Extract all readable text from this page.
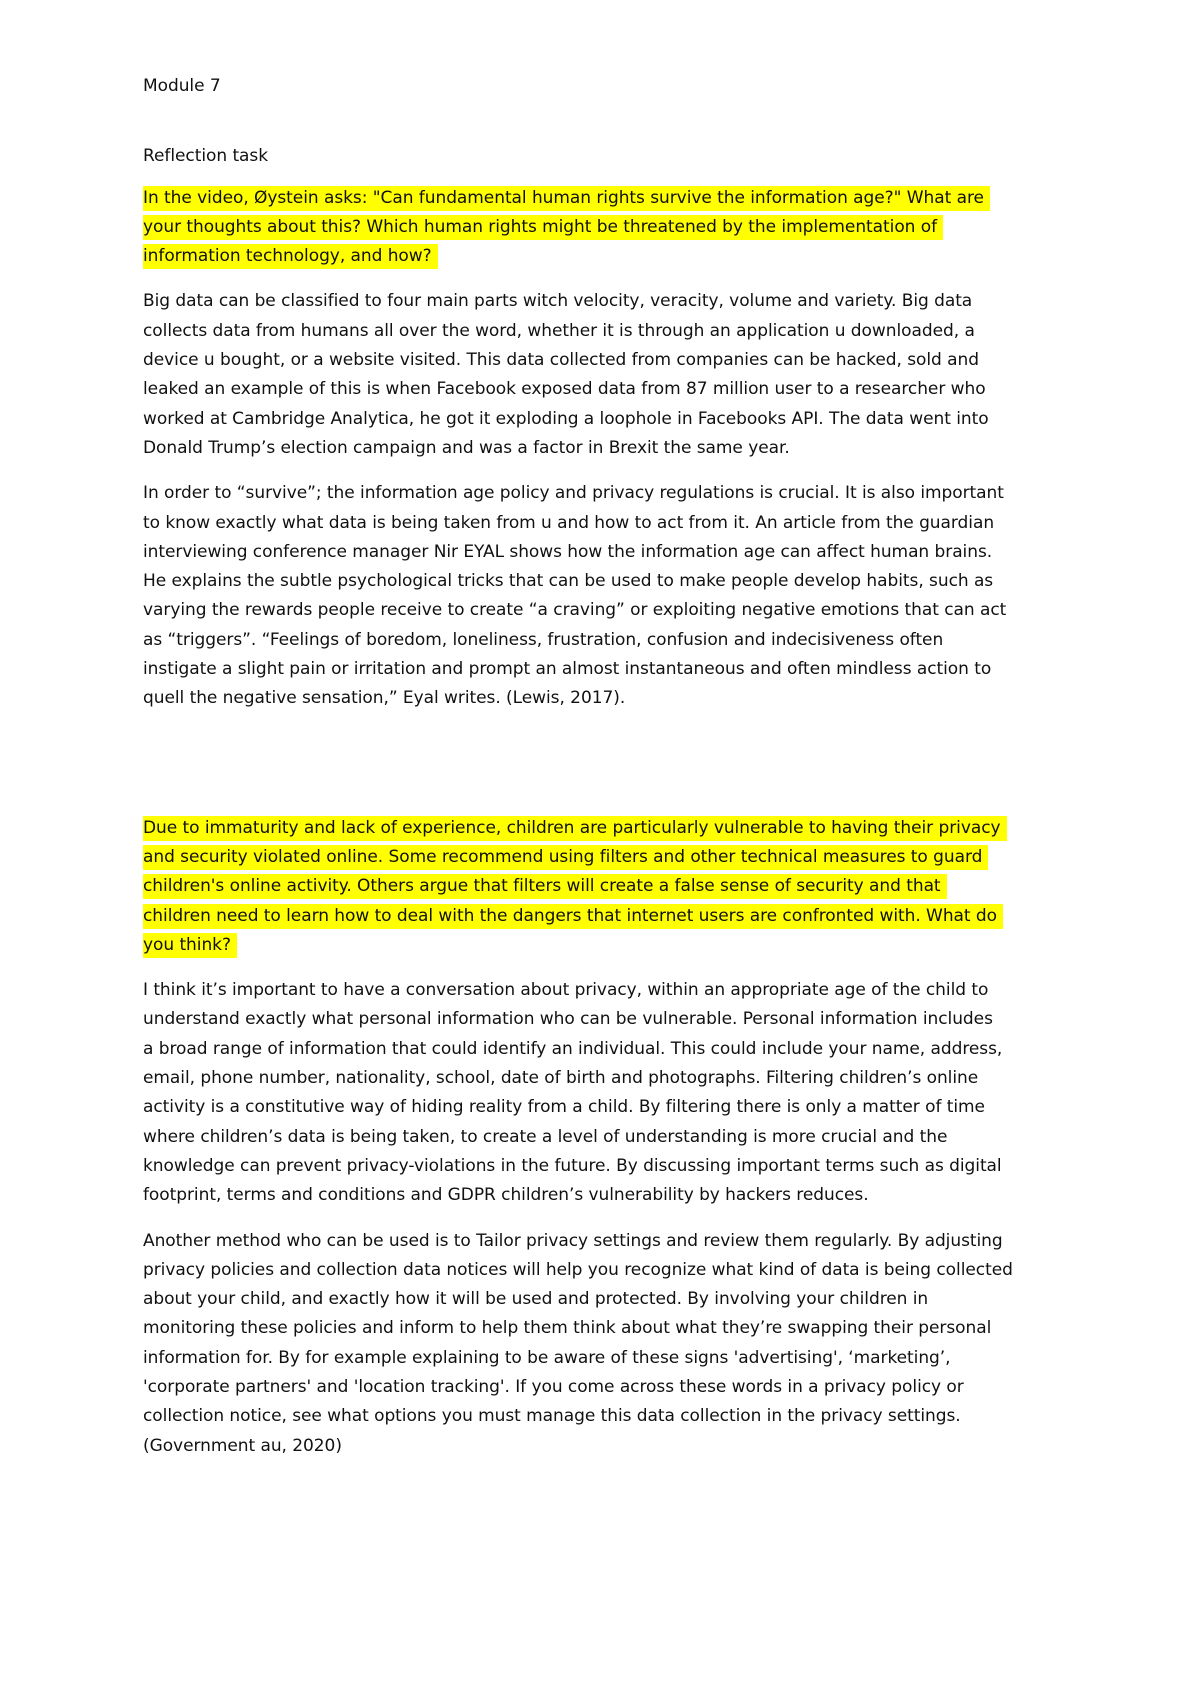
Module 7

Reflection task

In the video, Øystein asks: "Can fundamental human rights survive the information age?" What are
your thoughts about this? Which human rights might be threatened by the implementation of
information technology, and how?
Big data can be classified to four main parts witch velocity, veracity, volume and variety. Big data
collects data from humans all over the word, whether it is through an application u downloaded, a
device u bought, or a website visited. This data collected from companies can be hacked, sold and
leaked an example of this is when Facebook exposed data from 87 million user to a researcher who
worked at Cambridge Analytica, he got it exploding a loophole in Facebooks API. The data went into
Donald Trump’s election campaign and was a factor in Brexit the same year.
In order to “survive”; the information age policy and privacy regulations is crucial. It is also important
to know exactly what data is being taken from u and how to act from it. An article from the guardian
interviewing conference manager Nir EYAL shows how the information age can affect human brains.
He explains the subtle psychological tricks that can be used to make people develop habits, such as
varying the rewards people receive to create “a craving” or exploiting negative emotions that can act
as “triggers”. “Feelings of boredom, loneliness, frustration, confusion and indecisiveness often
instigate a slight pain or irritation and prompt an almost instantaneous and often mindless action to
quell the negative sensation,” Eyal writes. (Lewis, 2017).
Due to immaturity and lack of experience, children are particularly vulnerable to having their privacy
and security violated online. Some recommend using filters and other technical measures to guard
children's online activity. Others argue that filters will create a false sense of security and that
children need to learn how to deal with the dangers that internet users are confronted with. What do
you think?
I think it’s important to have a conversation about privacy, within an appropriate age of the child to
understand exactly what personal information who can be vulnerable. Personal information includes
a broad range of information that could identify an individual. This could include your name, address,
email, phone number, nationality, school, date of birth and photographs. Filtering children’s online
activity is a constitutive way of hiding reality from a child. By filtering there is only a matter of time
where children’s data is being taken, to create a level of understanding is more crucial and the
knowledge can prevent privacy-violations in the future. By discussing important terms such as digital
footprint, terms and conditions and GDPR children’s vulnerability by hackers reduces.
Another method who can be used is to Tailor privacy settings and review them regularly. By adjusting
privacy policies and collection data notices will help you recognize what kind of data is being collected
about your child, and exactly how it will be used and protected. By involving your children in
monitoring these policies and inform to help them think about what they’re swapping their personal
information for. By for example explaining to be aware of these signs 'advertising', ‘marketing’,
'corporate partners' and 'location tracking'. If you come across these words in a privacy policy or
collection notice, see what options you must manage this data collection in the privacy settings.
(Government au, 2020)
